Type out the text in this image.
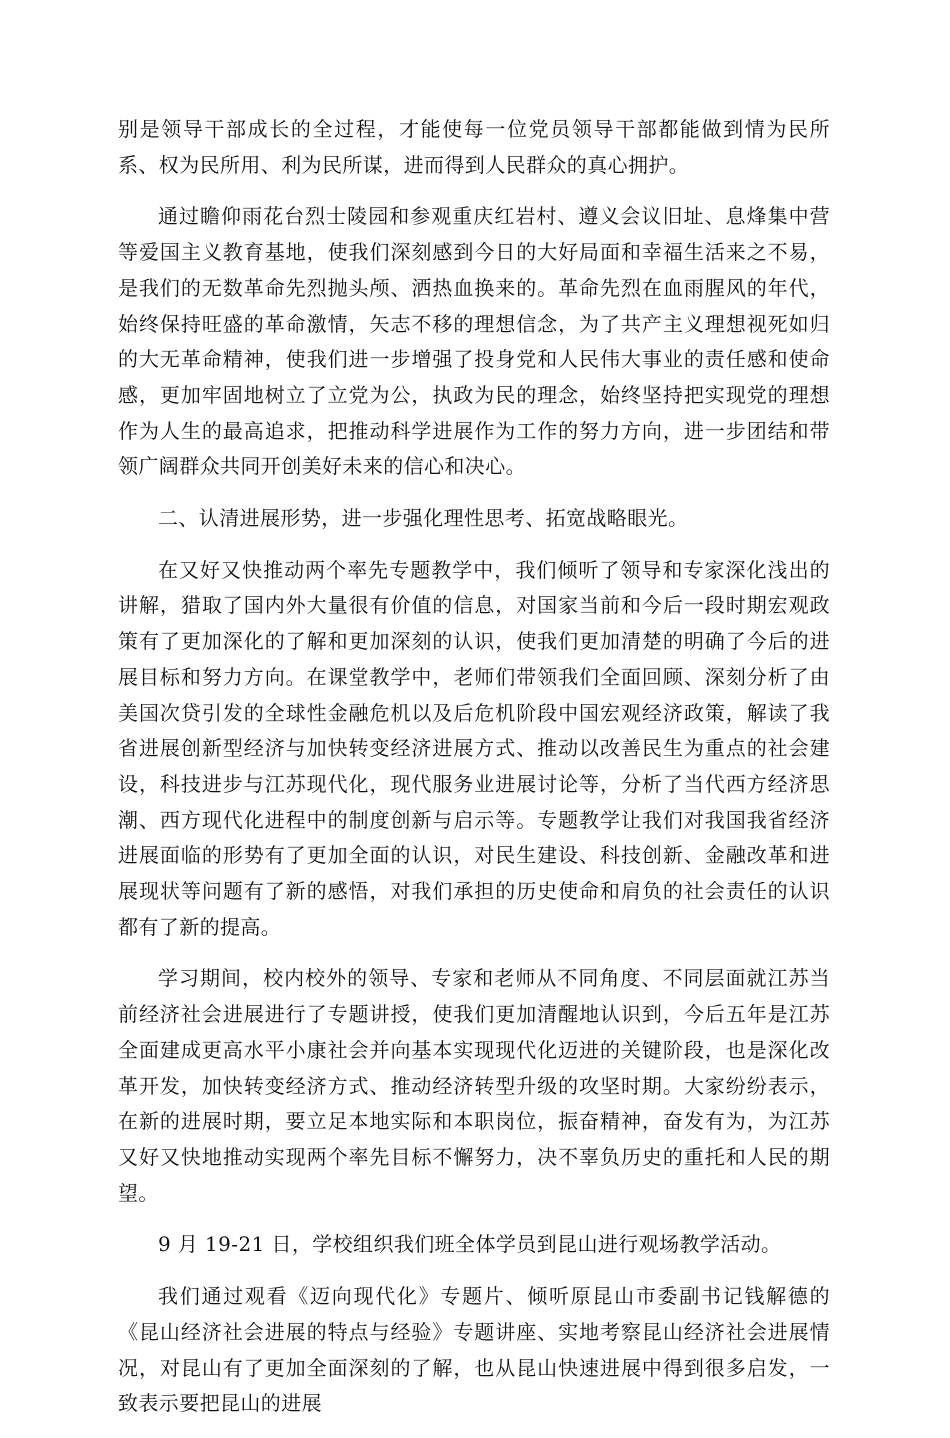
别是领导干部成长的全过程，才能使每一位党员领导干部都能做到情为民所系、权为民所用、利为民所谋，进而得到人民群众的真心拥护。

通过瞻仰雨花台烈士陵园和参观重庆红岩村、遵义会议旧址、息烽集中营等爱国主义教育基地，使我们深刻感到今日的大好局面和幸福生活来之不易，是我们的无数革命先烈抛头颅、洒热血换来的。革命先烈在血雨腥风的年代，始终保持旺盛的革命激情，矢志不移的理想信念，为了共产主义理想视死如归的大无革命精神，使我们进一步增强了投身党和人民伟大事业的责任感和使命感，更加牢固地树立了立党为公，执政为民的理念，始终坚持把实现党的理想作为人生的最高追求，把推动科学进展作为工作的努力方向，进一步团结和带领广阔群众共同开创美好未来的信心和决心。

二、认清进展形势，进一步强化理性思考、拓宽战略眼光。

在又好又快推动两个率先专题教学中，我们倾听了领导和专家深化浅出的讲解，猎取了国内外大量很有价值的信息，对国家当前和今后一段时期宏观政策有了更加深化的了解和更加深刻的认识，使我们更加清楚的明确了今后的进展目标和努力方向。在课堂教学中，老师们带领我们全面回顾、深刻分析了由美国次贷引发的全球性金融危机以及后危机阶段中国宏观经济政策，解读了我省进展创新型经济与加快转变经济进展方式、推动以改善民生为重点的社会建设，科技进步与江苏现代化，现代服务业进展讨论等，分析了当代西方经济思潮、西方现代化进程中的制度创新与启示等。专题教学让我们对我国我省经济进展面临的形势有了更加全面的认识，对民生建设、科技创新、金融改革和进展现状等问题有了新的感悟，对我们承担的历史使命和肩负的社会责任的认识都有了新的提高。

学习期间，校内校外的领导、专家和老师从不同角度、不同层面就江苏当前经济社会进展进行了专题讲授，使我们更加清醒地认识到，今后五年是江苏全面建成更高水平小康社会并向基本实现现代化迈进的关键阶段，也是深化改革开发，加快转变经济方式、推动经济转型升级的攻坚时期。大家纷纷表示，在新的进展时期，要立足本地实际和本职岗位，振奋精神，奋发有为，为江苏又好又快地推动实现两个率先目标不懈努力，决不辜负历史的重托和人民的期望。

9 月 19-21 日，学校组织我们班全体学员到昆山进行观场教学活动。

我们通过观看《迈向现代化》专题片、倾听原昆山市委副书记钱解德的《昆山经济社会进展的特点与经验》专题讲座、实地考察昆山经济社会进展情况，对昆山有了更加全面深刻的了解，也从昆山快速进展中得到很多启发，一致表示要把昆山的进展
